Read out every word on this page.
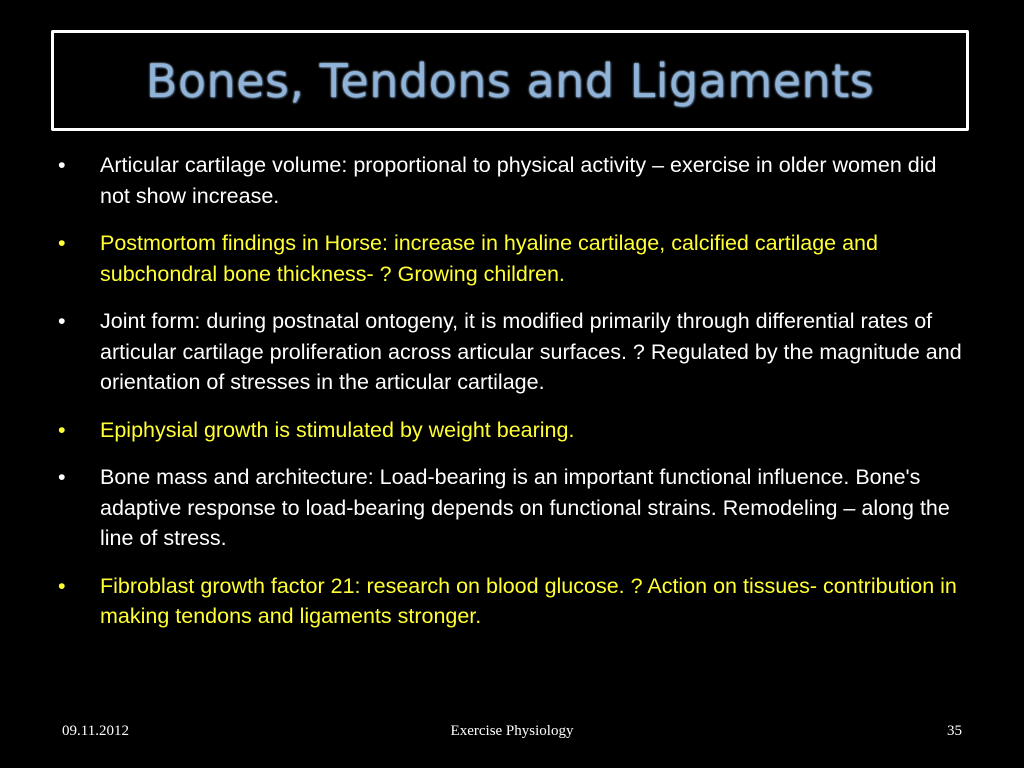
Bones, Tendons and Ligaments
• Articular cartilage volume: proportional to physical activity – exercise in older women did not show increase.
• Postmortom findings in Horse: increase in hyaline cartilage, calcified cartilage and subchondral bone thickness- ? Growing children.
• Joint form: during postnatal ontogeny, it is modified primarily through differential rates of articular cartilage proliferation across articular surfaces. ? Regulated by the magnitude and orientation of stresses in the articular cartilage.
• Epiphysial growth is stimulated by weight bearing.
• Bone mass and architecture: Load-bearing is an important functional influence. Bone's adaptive response to load-bearing depends on functional strains. Remodeling – along the line of stress.
• Fibroblast growth factor 21: research on blood glucose. ? Action on tissues- contribution in making tendons and ligaments stronger.
09.11.2012	Exercise Physiology	35
